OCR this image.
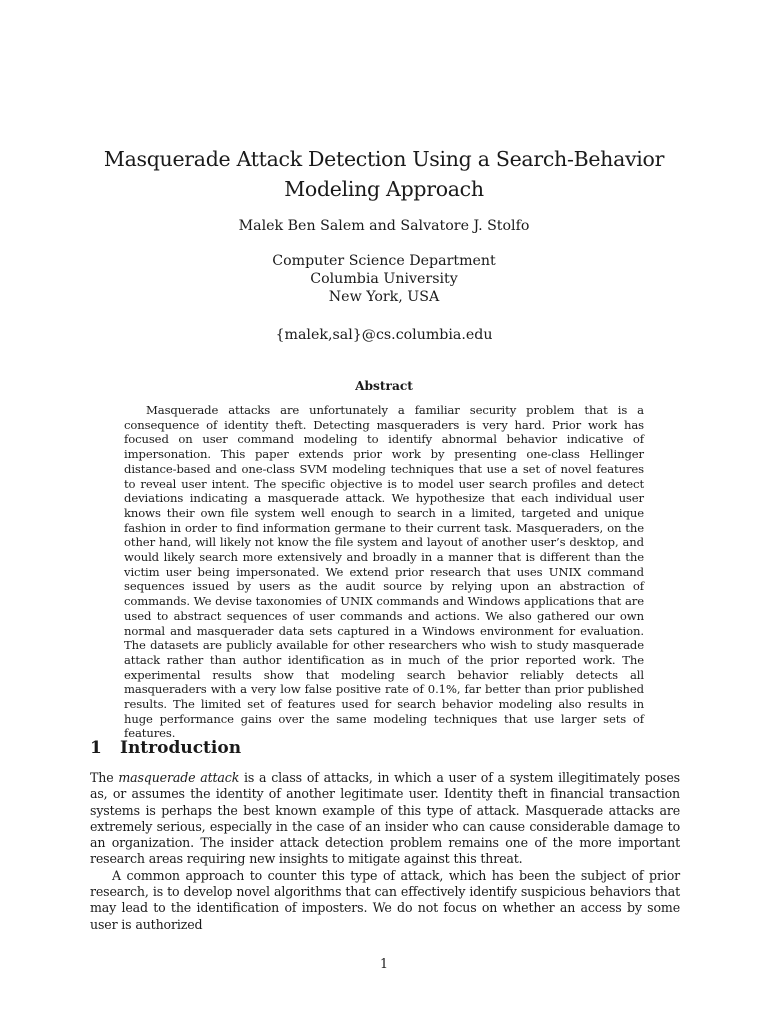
Masquerade Attack Detection Using a Search-Behavior Modeling Approach
Malek Ben Salem and Salvatore J. Stolfo
Computer Science Department
Columbia University
New York, USA
{malek,sal}@cs.columbia.edu
Abstract

Masquerade attacks are unfortunately a familiar security problem that is a consequence of identity theft. Detecting masqueraders is very hard. Prior work has focused on user command modeling to identify abnormal behavior indicative of impersonation. This paper extends prior work by presenting one-class Hellinger distance-based and one-class SVM modeling techniques that use a set of novel features to reveal user intent. The specific objective is to model user search profiles and detect deviations indicating a masquerade attack. We hypothesize that each individual user knows their own file system well enough to search in a limited, targeted and unique fashion in order to find information germane to their current task. Masqueraders, on the other hand, will likely not know the file system and layout of another user’s desktop, and would likely search more extensively and broadly in a manner that is different than the victim user being impersonated. We extend prior research that uses UNIX command sequences issued by users as the audit source by relying upon an abstraction of commands. We devise taxonomies of UNIX commands and Windows applications that are used to abstract sequences of user commands and actions. We also gathered our own normal and masquerader data sets captured in a Windows environment for evaluation. The datasets are publicly available for other researchers who wish to study masquerade attack rather than author identification as in much of the prior reported work. The experimental results show that modeling search behavior reliably detects all masqueraders with a very low false positive rate of 0.1%, far better than prior published results. The limited set of features used for search behavior modeling also results in huge performance gains over the same modeling techniques that use larger sets of features.

1 Introduction

The masquerade attack is a class of attacks, in which a user of a system illegitimately poses as, or assumes the identity of another legitimate user. Identity theft in financial transaction systems is perhaps the best known example of this type of attack. Masquerade attacks are extremely serious, especially in the case of an insider who can cause considerable damage to an organization. The insider attack detection problem remains one of the more important research areas requiring new insights to mitigate against this threat.

A common approach to counter this type of attack, which has been the subject of prior research, is to develop novel algorithms that can effectively identify suspicious behaviors that may lead to the identification of imposters. We do not focus on whether an access by some user is authorized

1
